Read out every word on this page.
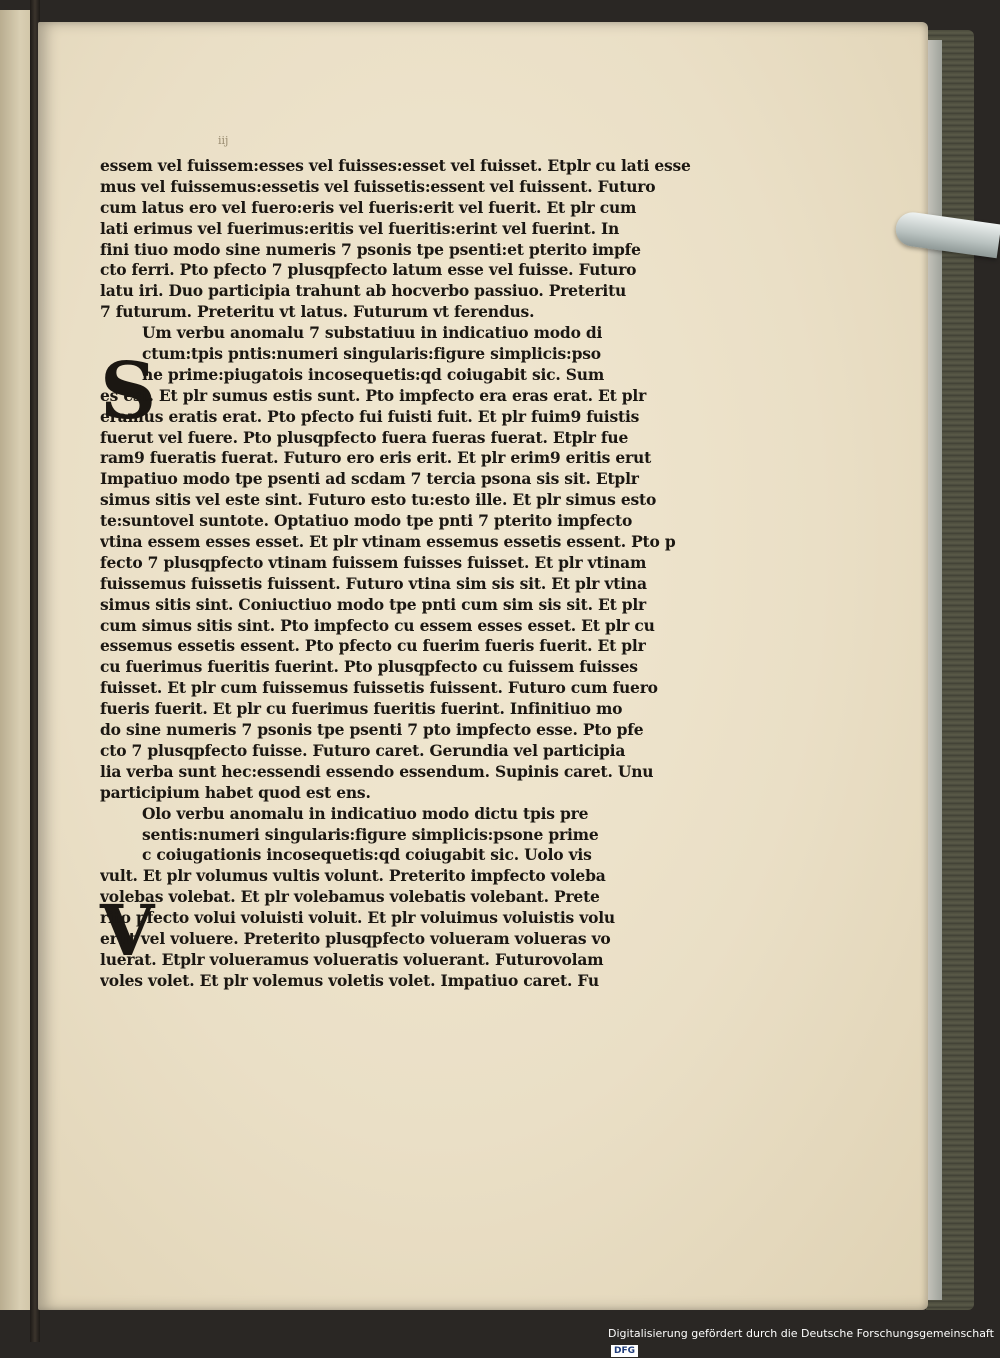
iij
S
V
essem vel fuissem:esses vel fuisses:esset vel fuisset. Etplr cu lati esse
mus vel fuissemus:essetis vel fuissetis:essent vel fuissent. Futuro
cum latus ero vel fuero:eris vel fueris:erit vel fuerit. Et plr cum
lati erimus vel fuerimus:eritis vel fueritis:erint vel fuerint. In
fini tiuo modo sine numeris 7 psonis tpe psenti:et pterito impfe
cto ferri. Pto pfecto 7 plusqpfecto latum esse vel fuisse. Futuro
latu iri. Duo participia trahunt ab hocverbo passiuo. Preteritu
7 futurum. Preteritu vt latus. Futurum vt ferendus.
Um verbu anomalu 7 substatiuu in indicatiuo modo di
ctum:tpis pntis:numeri singularis:figure simplicis:pso
ne prime:piugatois incosequetis:qd coiugabit sic. Sum
es est. Et plr sumus estis sunt. Pto impfecto era eras erat. Et plr
eramus eratis erat. Pto pfecto fui fuisti fuit. Et plr fuim9 fuistis
fuerut vel fuere. Pto plusqpfecto fuera fueras fuerat. Etplr fue
ram9 fueratis fuerat. Futuro ero eris erit. Et plr erim9 eritis erut
Impatiuo modo tpe psenti ad scdam 7 tercia psona sis sit. Etplr
simus sitis vel este sint. Futuro esto tu:esto ille. Et plr simus esto
te:suntovel suntote. Optatiuo modo tpe pnti 7 pterito impfecto
vtina essem esses esset. Et plr vtinam essemus essetis essent. Pto p
fecto 7 plusqpfecto vtinam fuissem fuisses fuisset. Et plr vtinam
fuissemus fuissetis fuissent. Futuro vtina sim sis sit. Et plr vtina
simus sitis sint. Coniuctiuo modo tpe pnti cum sim sis sit. Et plr
cum simus sitis sint. Pto impfecto cu essem esses esset. Et plr cu
essemus essetis essent. Pto pfecto cu fuerim fueris fuerit. Et plr
cu fuerimus fueritis fuerint. Pto plusqpfecto cu fuissem fuisses
fuisset. Et plr cum fuissemus fuissetis fuissent. Futuro cum fuero
fueris fuerit. Et plr cu fuerimus fueritis fuerint. Infinitiuo mo
do sine numeris 7 psonis tpe psenti 7 pto impfecto esse. Pto pfe
cto 7 plusqpfecto fuisse. Futuro caret. Gerundia vel participia
lia verba sunt hec:essendi essendo essendum. Supinis caret. Unu
participium habet quod est ens.
Olo verbu anomalu in indicatiuo modo dictu tpis pre
sentis:numeri singularis:figure simplicis:psone prime
c coiugationis incosequetis:qd coiugabit sic. Uolo vis
vult. Et plr volumus vultis volunt. Preterito impfecto voleba
volebas volebat. Et plr volebamus volebatis volebant. Prete
rito pfecto volui voluisti voluit. Et plr voluimus voluistis volu
erut vel voluere. Preterito plusqpfecto volueram volueras vo
luerat. Etplr volueramus volueratis voluerant. Futurovolam
voles volet. Et plr volemus voletis volet. Impatiuo caret. Fu
Digitalisierung gefördert durch die Deutsche Forschungsgemeinschaft DFG
